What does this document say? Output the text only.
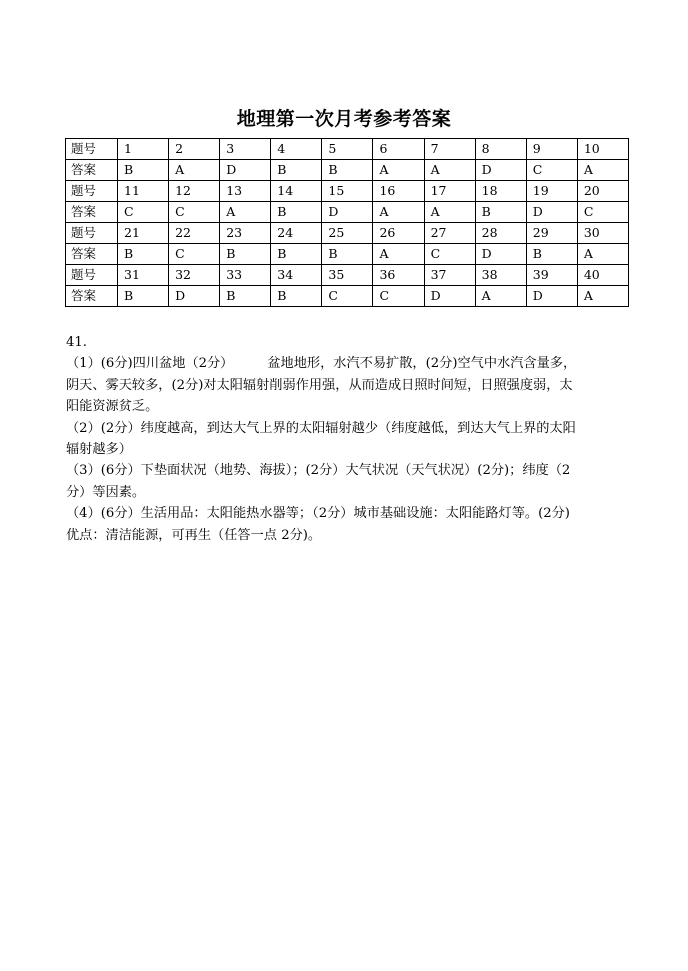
地理第一次月考参考答案
题号	1	2	3	4	5	6	7	8	9	10
答案	B	A	D	B	B	A	A	D	C	A
题号	11	12	13	14	15	16	17	18	19	20
答案	C	C	A	B	D	A	A	B	D	C
题号	21	22	23	24	25	26	27	28	29	30
答案	B	C	B	B	B	A	C	D	B	A
题号	31	32	33	34	35	36	37	38	39	40
答案	B	D	B	B	C	C	D	A	D	A

41.

（1）(6分)四川盆地（2分）	盆地地形，水汽不易扩散，(2分)空气中水汽含量多，

阴天、雾天较多，(2分)对太阳辐射削弱作用强，从而造成日照时间短，日照强度弱，太

阳能资源贫乏。

（2）(2分）纬度越高，到达大气上界的太阳辐射越少（纬度越低，到达大气上界的太阳

辐射越多）

（3）(6分）下垫面状况（地势、海拔）；(2分）大气状况（天气状况）(2分)；纬度（2

分）等因素。

（4）(6分）生活用品：太阳能热水器等；（2分）城市基础设施：太阳能路灯等。(2分)

优点：清洁能源，可再生（任答一点 2分)。
